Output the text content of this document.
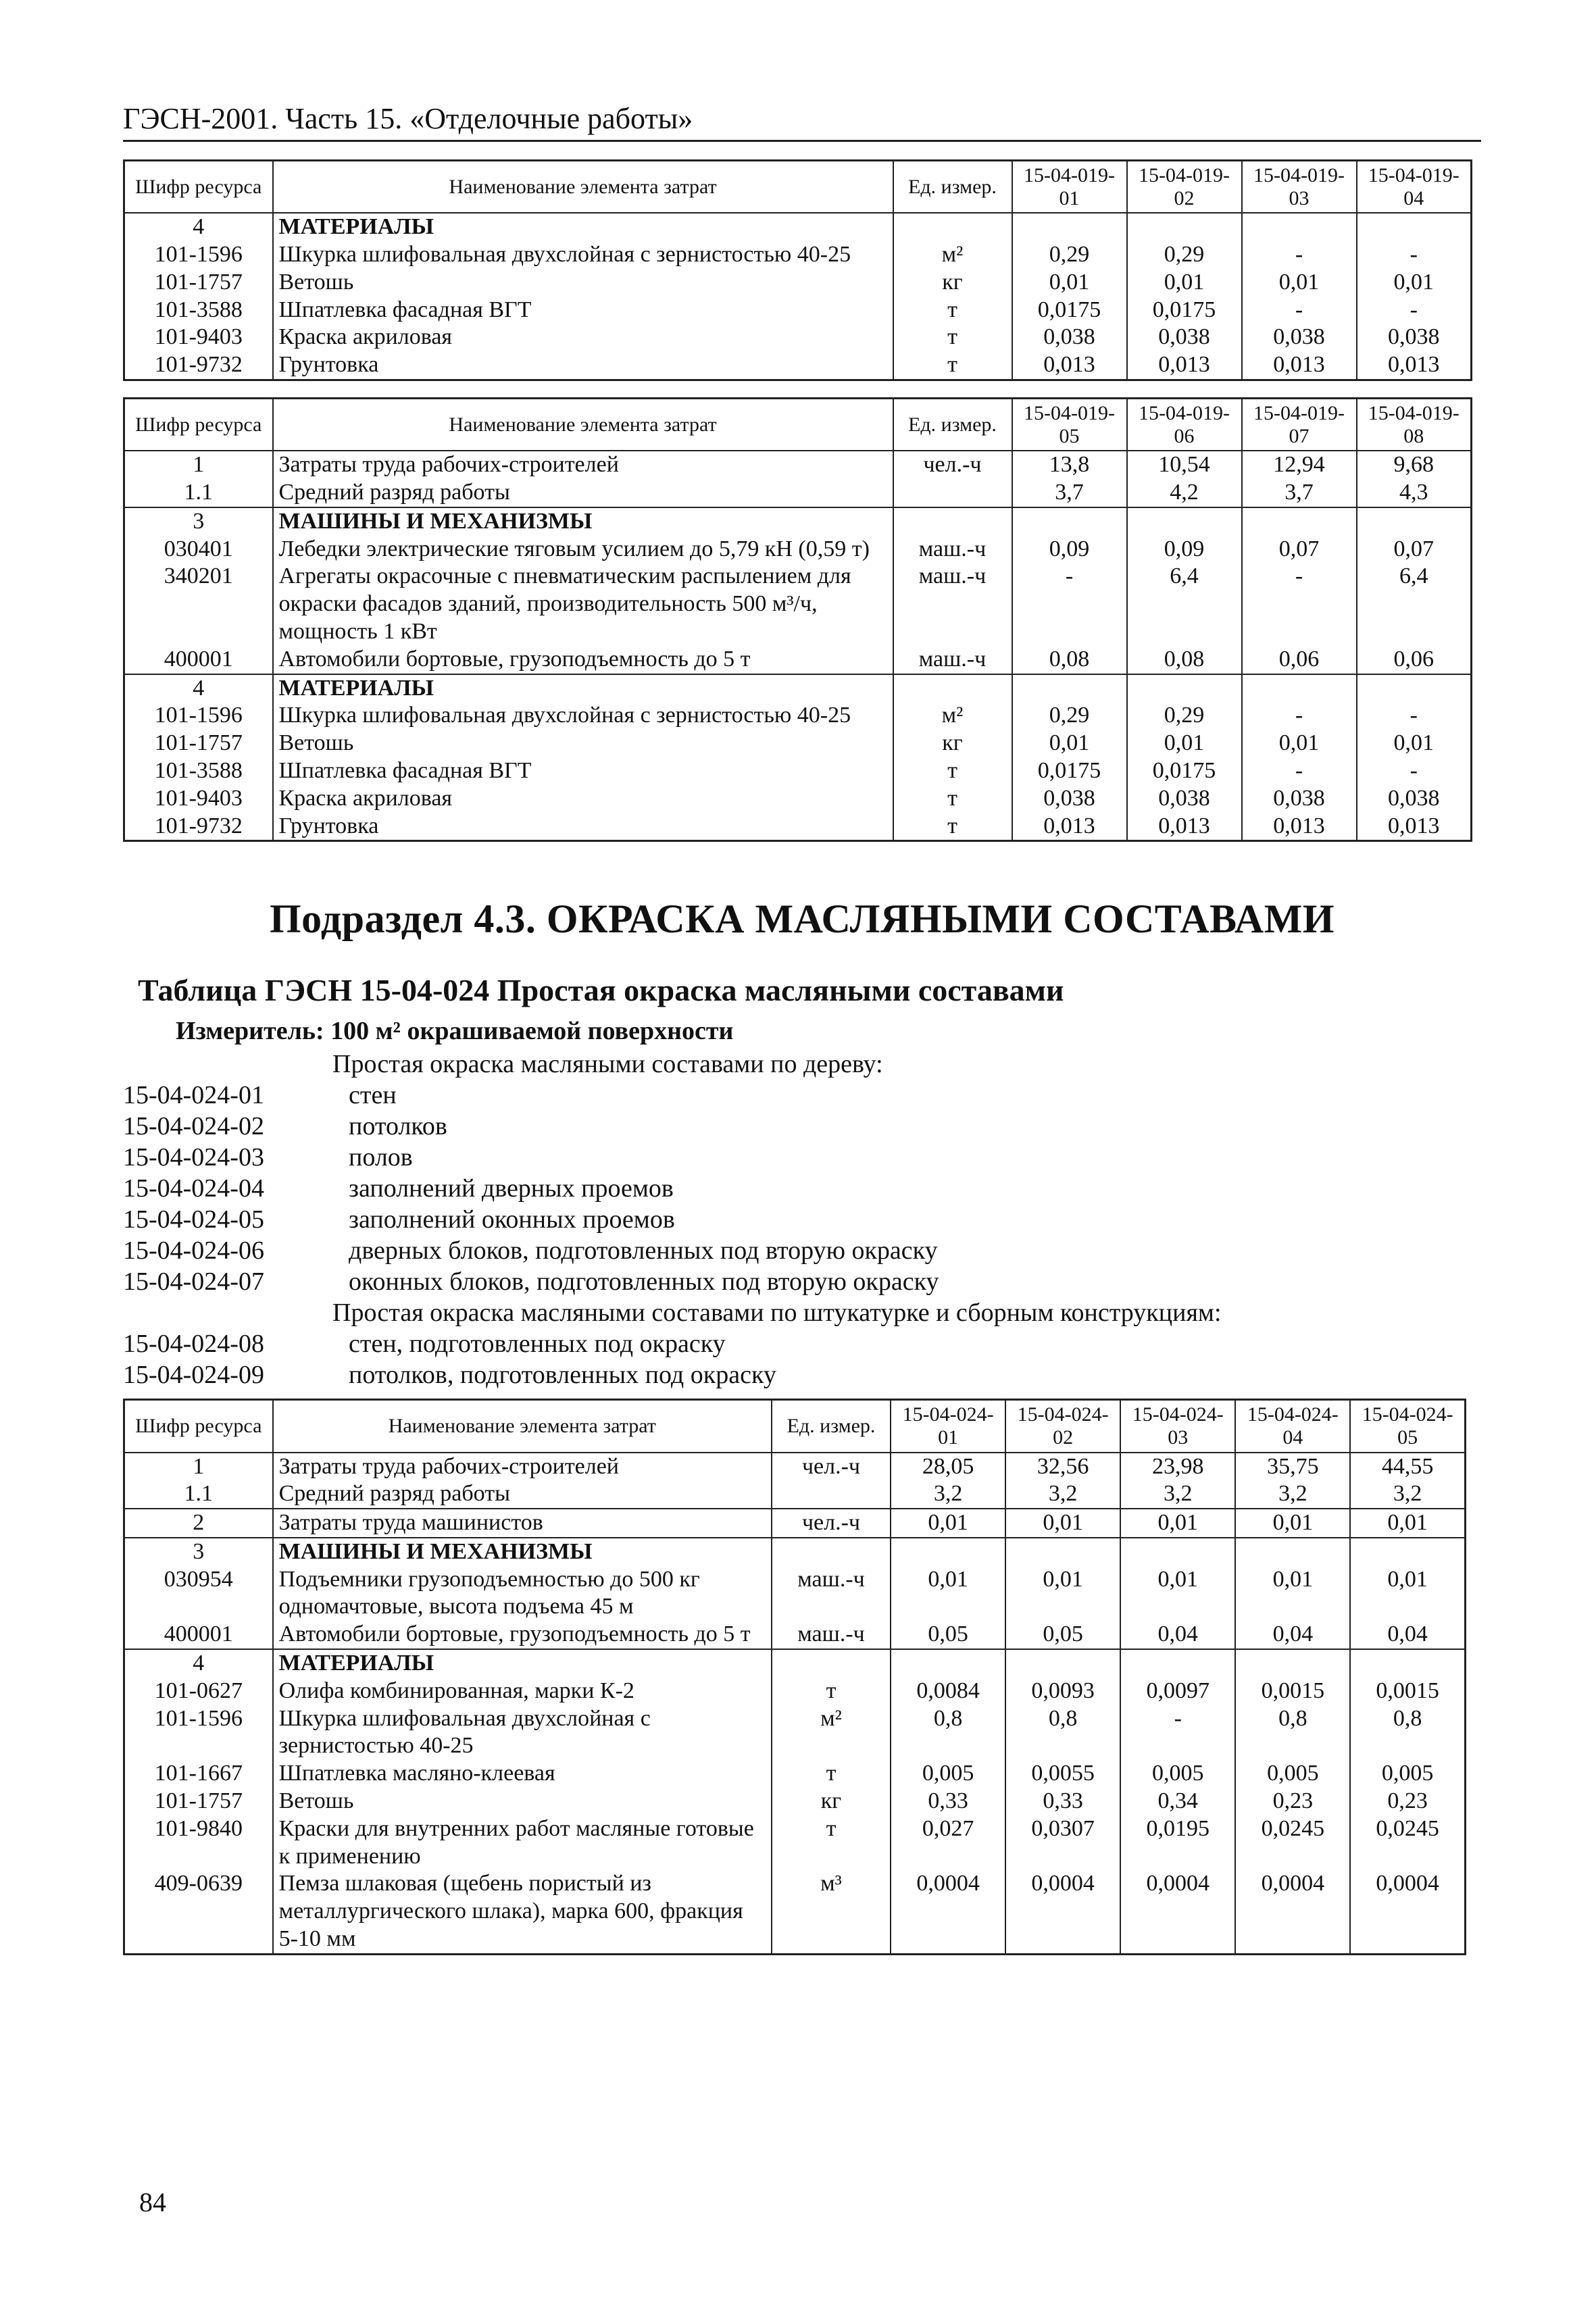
ГЭСН-2001. Часть 15. «Отделочные работы»
Шифр ресурса	Наименование элемента затрат	Ед. измер.	15-04-019-01	15-04-019-02	15-04-019-03	15-04-019-04
4	МАТЕРИАЛЫ					
101-1596	Шкурка шлифовальная двухслойная с зернистостью 40-25	м²	0,29	0,29	-	-
101-1757	Ветошь	кг	0,01	0,01	0,01	0,01
101-3588	Шпатлевка фасадная ВГТ	т	0,0175	0,0175	-	-
101-9403	Краска акриловая	т	0,038	0,038	0,038	0,038
101-9732	Грунтовка	т	0,013	0,013	0,013	0,013
Шифр ресурса	Наименование элемента затрат	Ед. измер.	15-04-019-05	15-04-019-06	15-04-019-07	15-04-019-08
1	Затраты труда рабочих-строителей	чел.-ч	13,8	10,54	12,94	9,68
1.1	Средний разряд работы		3,7	4,2	3,7	4,3
3	МАШИНЫ И МЕХАНИЗМЫ					
030401	Лебедки электрические тяговым усилием до 5,79 кН (0,59 т)	маш.-ч	0,09	0,09	0,07	0,07
340201	Агрегаты окрасочные с пневматическим распылением для окраски фасадов зданий, производительность 500 м³/ч, мощность 1 кВт	маш.-ч	-	6,4	-	6,4
400001	Автомобили бортовые, грузоподъемность до 5 т	маш.-ч	0,08	0,08	0,06	0,06
4	МАТЕРИАЛЫ					
101-1596	Шкурка шлифовальная двухслойная с зернистостью 40-25	м²	0,29	0,29	-	-
101-1757	Ветошь	кг	0,01	0,01	0,01	0,01
101-3588	Шпатлевка фасадная ВГТ	т	0,0175	0,0175	-	-
101-9403	Краска акриловая	т	0,038	0,038	0,038	0,038
101-9732	Грунтовка	т	0,013	0,013	0,013	0,013
Подраздел 4.3. ОКРАСКА МАСЛЯНЫМИ СОСТАВАМИ
Таблица ГЭСН 15-04-024 Простая окраска масляными составами
Измеритель: 100 м² окрашиваемой поверхности
Простая окраска масляными составами по дереву:
15-04-024-01	стен
15-04-024-02	потолков
15-04-024-03	полов
15-04-024-04	заполнений дверных проемов
15-04-024-05	заполнений оконных проемов
15-04-024-06	дверных блоков, подготовленных под вторую окраску
15-04-024-07	оконных блоков, подготовленных под вторую окраску
Простая окраска масляными составами по штукатурке и сборным конструкциям:
15-04-024-08	стен, подготовленных под окраску
15-04-024-09	потолков, подготовленных под окраску
Шифр ресурса	Наименование элемента затрат	Ед. измер.	15-04-024-01	15-04-024-02	15-04-024-03	15-04-024-04	15-04-024-05
1	Затраты труда рабочих-строителей	чел.-ч	28,05	32,56	23,98	35,75	44,55
1.1	Средний разряд работы		3,2	3,2	3,2	3,2	3,2
2	Затраты труда машинистов	чел.-ч	0,01	0,01	0,01	0,01	0,01
3	МАШИНЫ И МЕХАНИЗМЫ						
030954	Подъемники грузоподъемностью до 500 кг одномачтовые, высота подъема 45 м	маш.-ч	0,01	0,01	0,01	0,01	0,01
400001	Автомобили бортовые, грузоподъемность до 5 т	маш.-ч	0,05	0,05	0,04	0,04	0,04
4	МАТЕРИАЛЫ						
101-0627	Олифа комбинированная, марки К-2	т	0,0084	0,0093	0,0097	0,0015	0,0015
101-1596	Шкурка шлифовальная двухслойная с зернистостью 40-25	м²	0,8	0,8	-	0,8	0,8
101-1667	Шпатлевка масляно-клеевая	т	0,005	0,0055	0,005	0,005	0,005
101-1757	Ветошь	кг	0,33	0,33	0,34	0,23	0,23
101-9840	Краски для внутренних работ масляные готовые к применению	т	0,027	0,0307	0,0195	0,0245	0,0245
409-0639	Пемза шлаковая (щебень пористый из металлургического шлака), марка 600, фракция 5-10 мм	м³	0,0004	0,0004	0,0004	0,0004	0,0004
84
